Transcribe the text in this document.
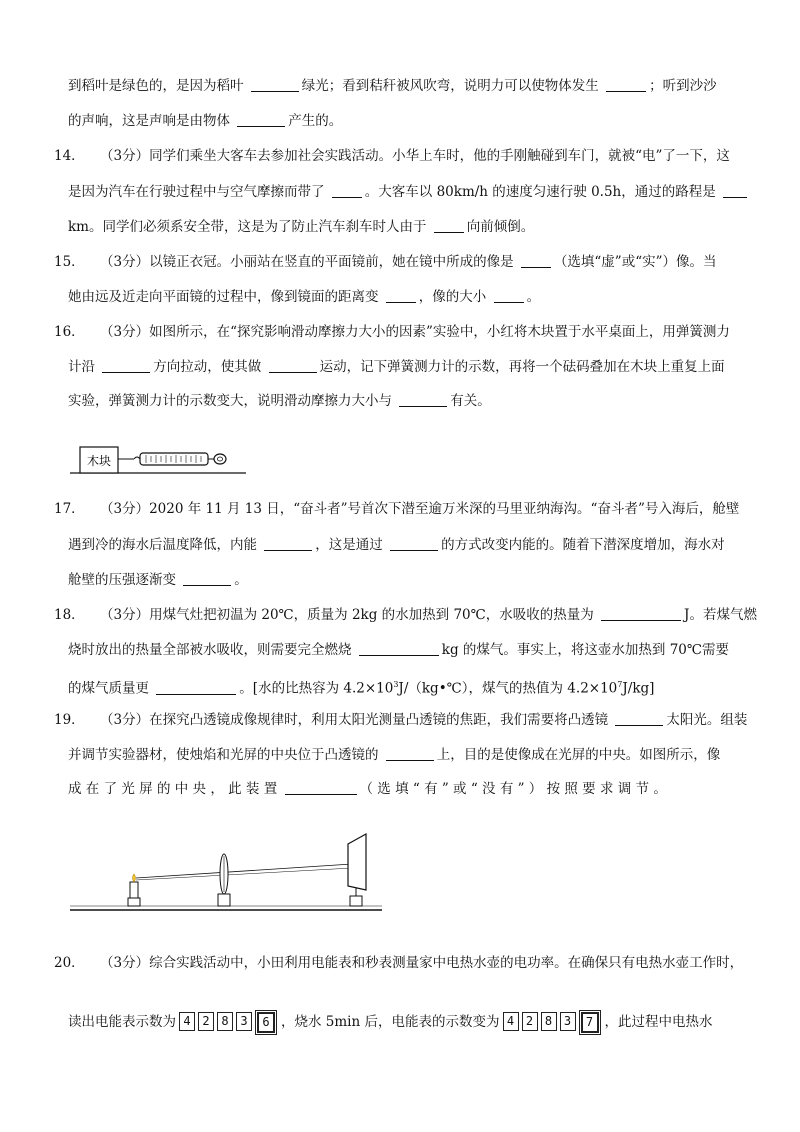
到稻叶是绿色的，是因为稻叶	绿光；看到秸秆被风吹弯，说明力可以使物体发生	；听到沙沙
的声响，这是声响是由物体	产生的。
14． （3分）同学们乘坐大客车去参加社会实践活动。小华上车时，他的手刚触碰到车门，就被“电”了一下，这
是因为汽车在行驶过程中与空气摩擦而带了	。大客车以 80km/h 的速度匀速行驶 0.5h，通过的路程是
km。同学们必须系安全带，这是为了防止汽车刹车时人由于	向前倾倒。
15． （3分）以镜正衣冠。小丽站在竖直的平面镜前，她在镜中所成的像是	（选填“虚”或“实”）像。当
她由远及近走向平面镜的过程中，像到镜面的距离变	，像的大小	。
16． （3分）如图所示，在“探究影响滑动摩擦力大小的因素”实验中，小红将木块置于水平桌面上，用弹簧测力
计沿	方向拉动，使其做	运动，记下弹簧测力计的示数，再将一个砝码叠加在木块上重复上面
实验，弹簧测力计的示数变大，说明滑动摩擦力大小与	有关。
木块
17． （3分）2020 年 11 月 13 日，“奋斗者”号首次下潜至逾万米深的马里亚纳海沟。“奋斗者”号入海后，舱壁
遇到冷的海水后温度降低，内能	，这是通过	的方式改变内能的。随着下潜深度增加，海水对
舱壁的压强逐渐变	。
18． （3分）用煤气灶把初温为 20℃，质量为 2kg 的水加热到 70℃，水吸收的热量为	J。若煤气燃
烧时放出的热量全部被水吸收，则需要完全燃烧	kg 的煤气。事实上，将这壶水加热到 70℃需要
的煤气质量更	。[水的比热容为 $4.2\times 10^3J/(kg•℃)$，煤气的热值为 $4.2\times 10^7J/kg$]
19． （3分）在探究凸透镜成像规律时，利用太阳光测量凸透镜的焦距，我们需要将凸透镜	太阳光。组装
并调节实验器材，使烛焰和光屏的中央位于凸透镜的	上，目的是使像成在光屏的中央。如图所示，像
成 在 了 光 屏 的 中 央 ， 此 装 置	（ 选 填 “ 有 ” 或 “ 没 有 ” ） 按 照 要 求 调 节 。
20． （3分）综合实践活动中，小田利用电能表和秒表测量家中电热水壶的电功率。在确保只有电热水壶工作时，
读出电能表示数为 4 2 8 3	6 ，烧水 5min 后，电能表的示数变为 4 2 8 3	7 ，此过程中电热水
